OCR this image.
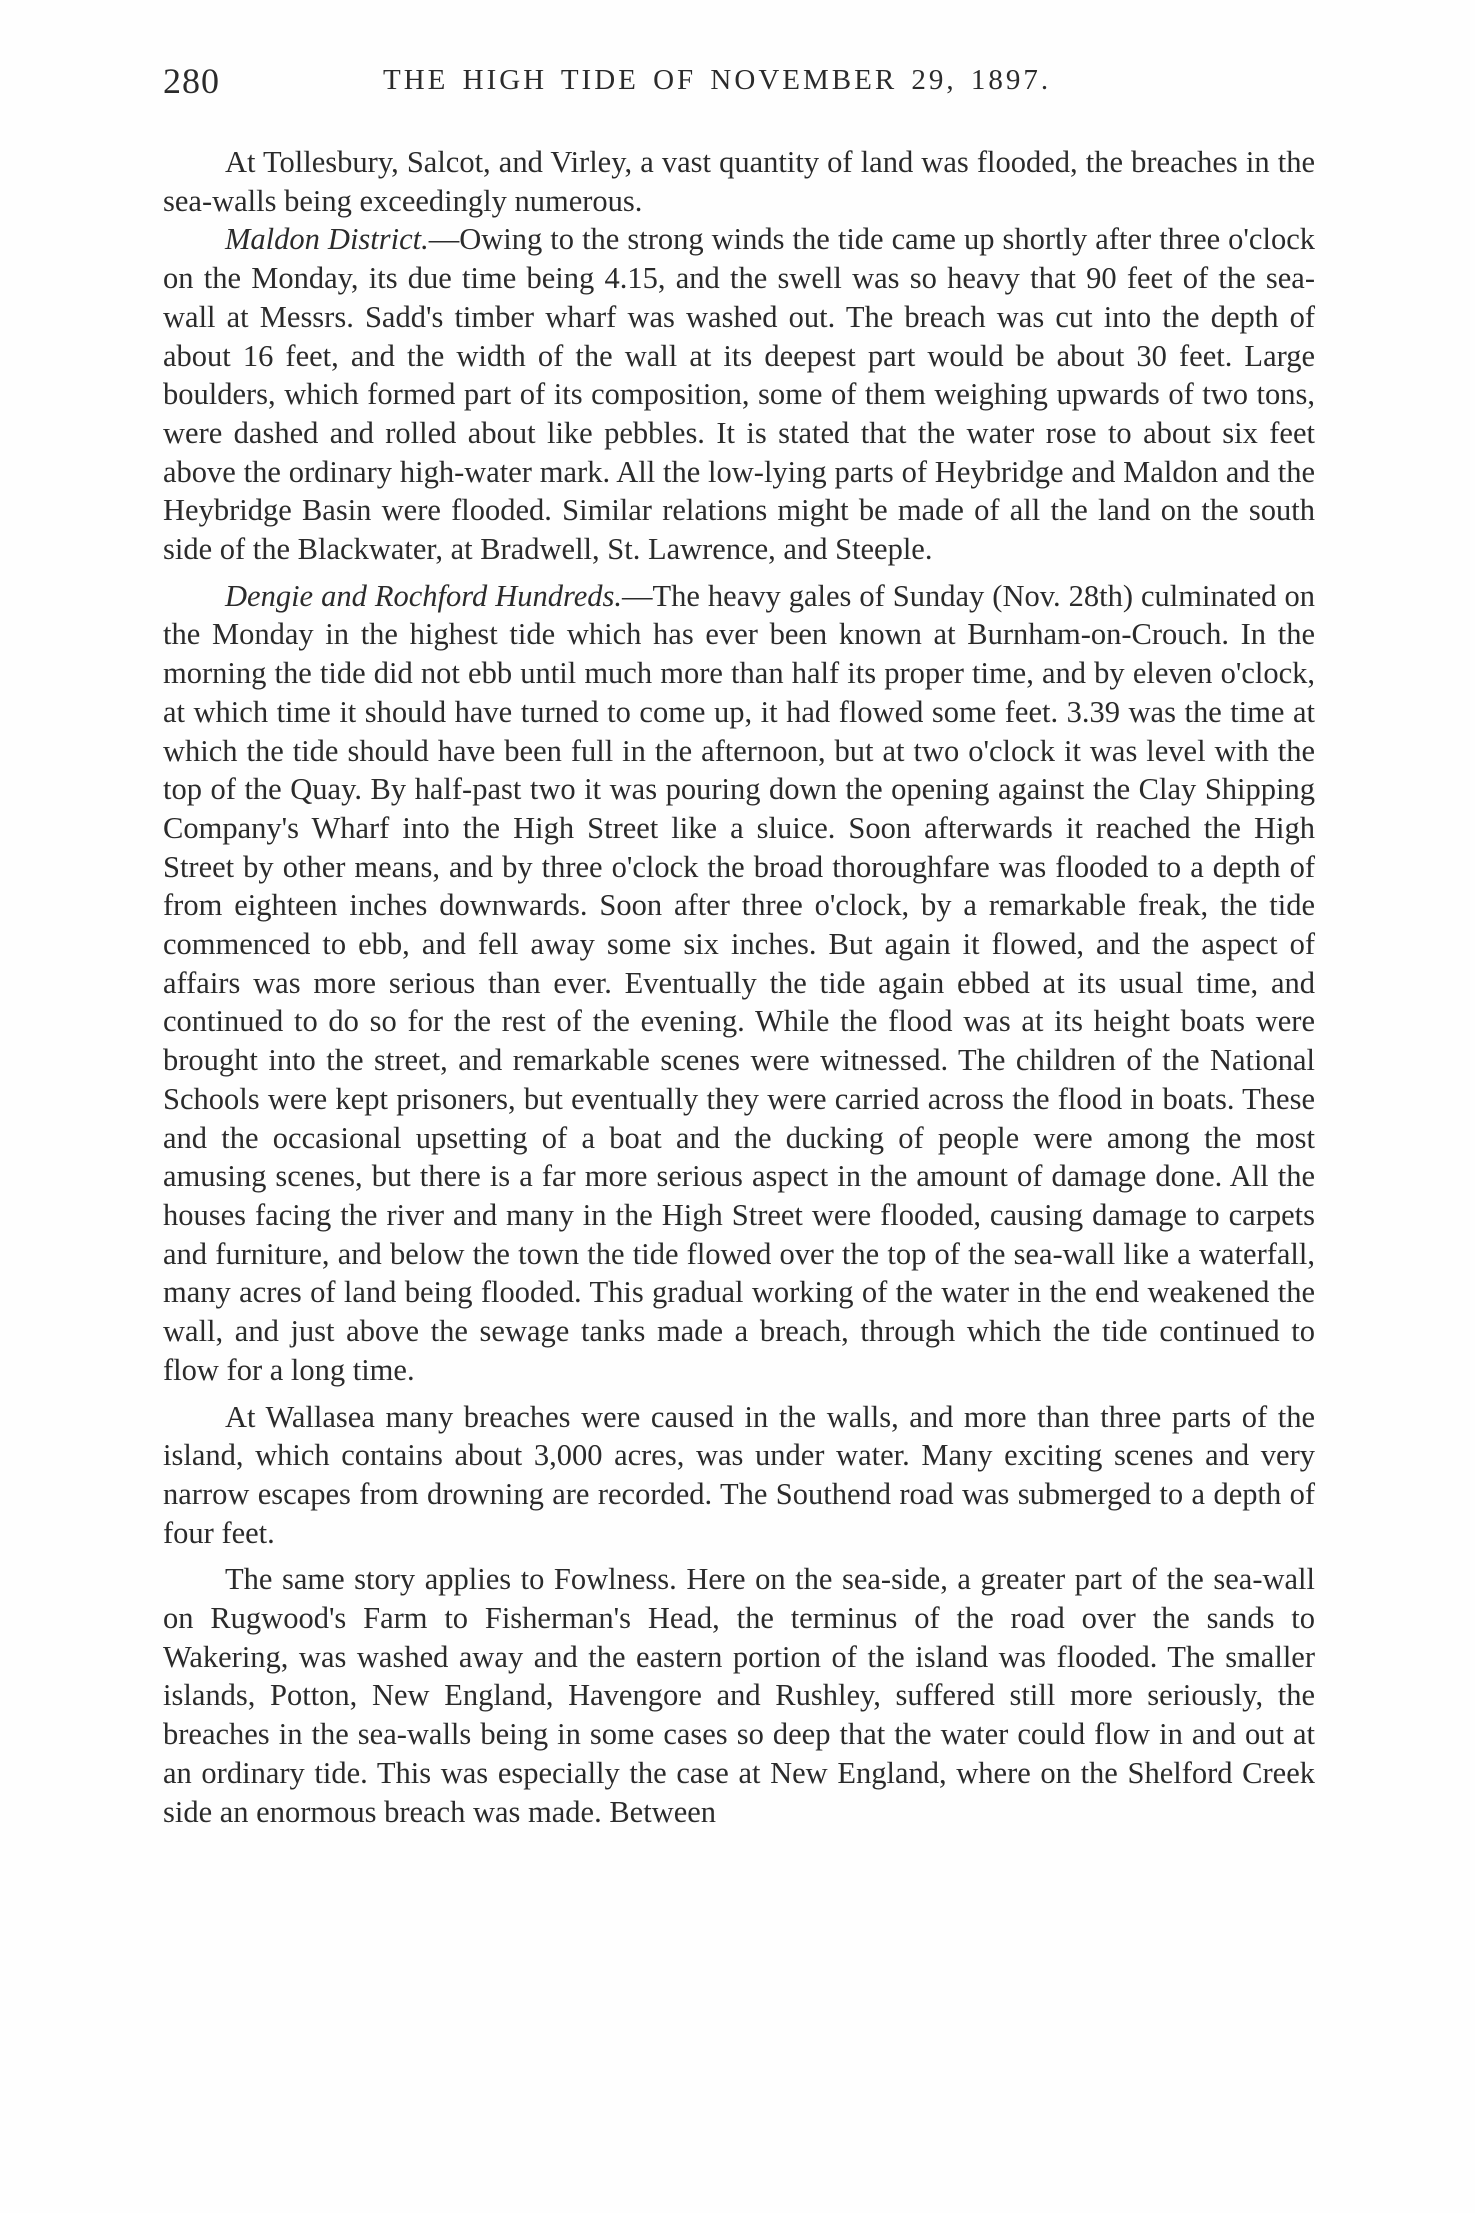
280	THE HIGH TIDE OF NOVEMBER 29, 1897.

At Tollesbury, Salcot, and Virley, a vast quantity of land was flooded, the breaches in the sea-walls being exceedingly numerous.

Maldon District.—Owing to the strong winds the tide came up shortly after three o'clock on the Monday, its due time being 4.15, and the swell was so heavy that 90 feet of the sea-wall at Messrs. Sadd's timber wharf was washed out. The breach was cut into the depth of about 16 feet, and the width of the wall at its deepest part would be about 30 feet. Large boulders, which formed part of its composition, some of them weighing upwards of two tons, were dashed and rolled about like pebbles. It is stated that the water rose to about six feet above the ordinary high-water mark. All the low-lying parts of Heybridge and Maldon and the Heybridge Basin were flooded. Similar relations might be made of all the land on the south side of the Blackwater, at Bradwell, St. Lawrence, and Steeple.

Dengie and Rochford Hundreds.—The heavy gales of Sunday (Nov. 28th) culminated on the Monday in the highest tide which has ever been known at Burnham-on-Crouch. In the morning the tide did not ebb until much more than half its proper time, and by eleven o'clock, at which time it should have turned to come up, it had flowed some feet. 3.39 was the time at which the tide should have been full in the afternoon, but at two o'clock it was level with the top of the Quay. By half-past two it was pouring down the opening against the Clay Shipping Company's Wharf into the High Street like a sluice. Soon afterwards it reached the High Street by other means, and by three o'clock the broad thoroughfare was flooded to a depth of from eighteen inches downwards. Soon after three o'clock, by a remarkable freak, the tide commenced to ebb, and fell away some six inches. But again it flowed, and the aspect of affairs was more serious than ever. Eventually the tide again ebbed at its usual time, and continued to do so for the rest of the evening. While the flood was at its height boats were brought into the street, and remarkable scenes were witnessed. The children of the National Schools were kept prisoners, but eventually they were carried across the flood in boats. These and the occasional upsetting of a boat and the ducking of people were among the most amusing scenes, but there is a far more serious aspect in the amount of damage done. All the houses facing the river and many in the High Street were flooded, causing damage to carpets and furniture, and below the town the tide flowed over the top of the sea-wall like a waterfall, many acres of land being flooded. This gradual working of the water in the end weakened the wall, and just above the sewage tanks made a breach, through which the tide continued to flow for a long time.

At Wallasea many breaches were caused in the walls, and more than three parts of the island, which contains about 3,000 acres, was under water. Many exciting scenes and very narrow escapes from drowning are recorded. The Southend road was submerged to a depth of four feet.

The same story applies to Fowlness. Here on the sea-side, a greater part of the sea-wall on Rugwood's Farm to Fisherman's Head, the terminus of the road over the sands to Wakering, was washed away and the eastern portion of the island was flooded. The smaller islands, Potton, New England, Havengore and Rushley, suffered still more seriously, the breaches in the sea-walls being in some cases so deep that the water could flow in and out at an ordinary tide. This was especially the case at New England, where on the Shelford Creek side an enormous breach was made. Between
